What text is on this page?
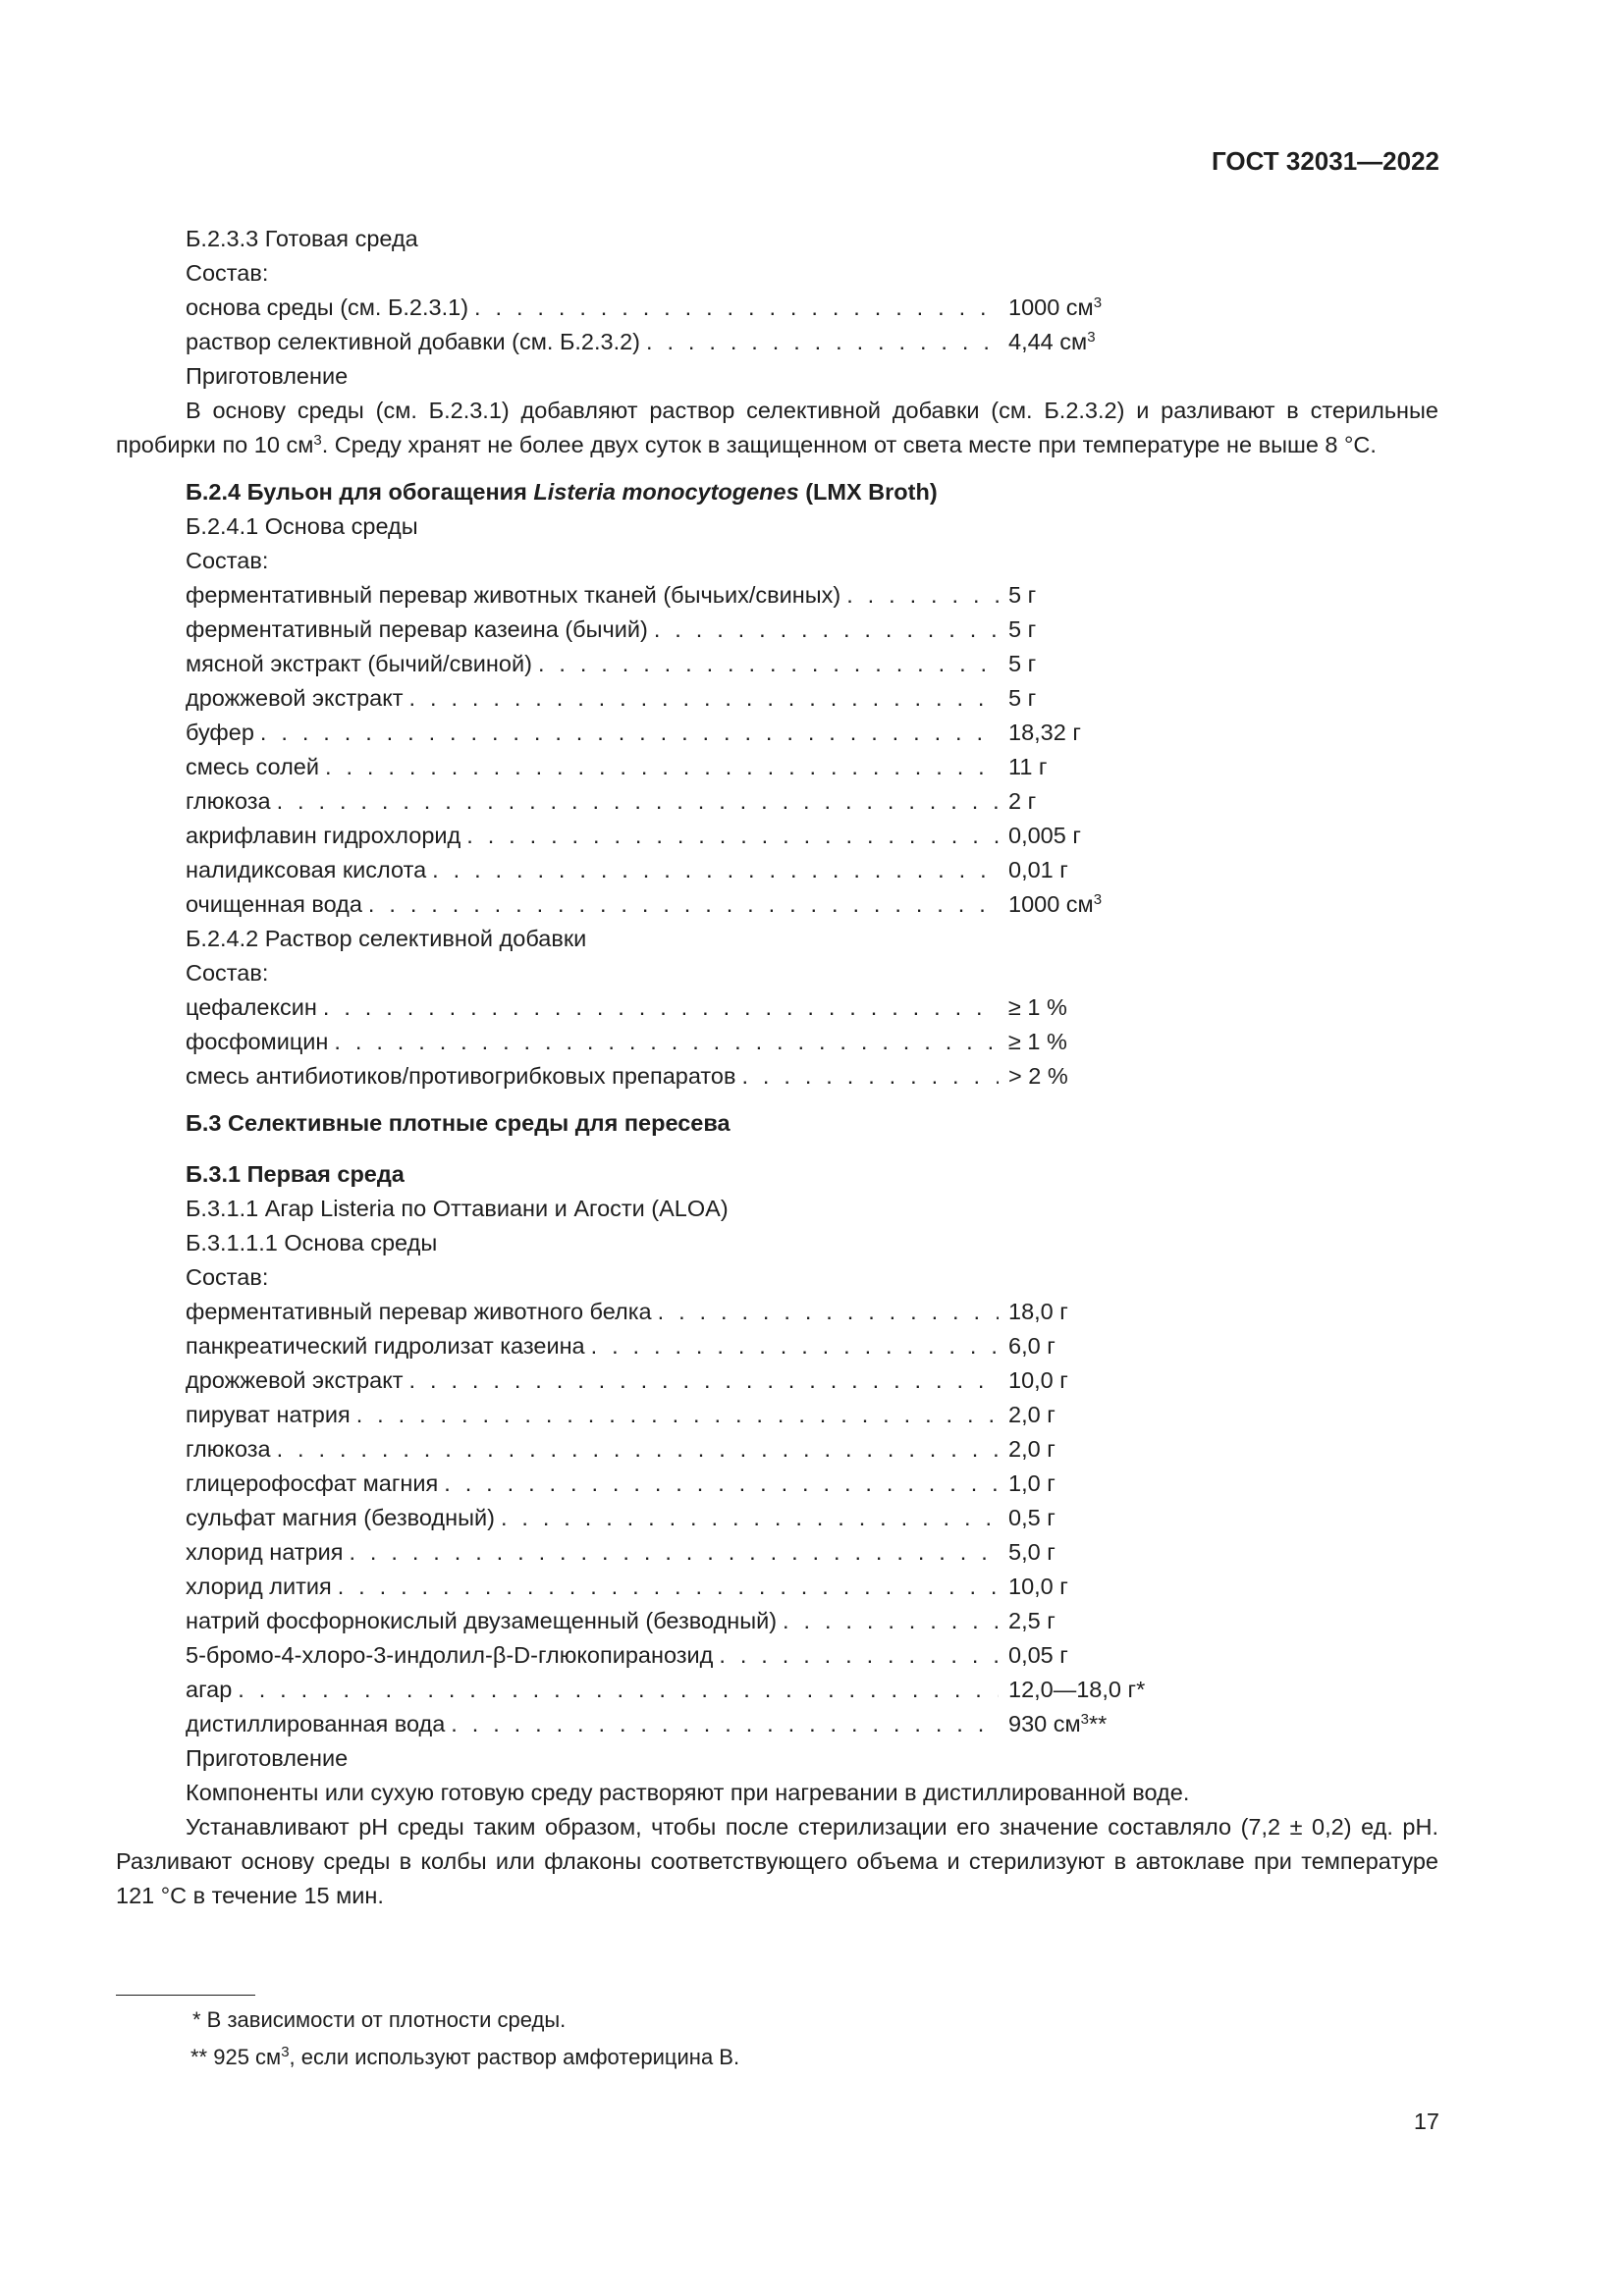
ГОСТ 32031—2022
Б.2.3.3 Готовая среда
Состав:
основа среды (см. Б.2.3.1) . . .	1000 $см^3$
раствор селективной добавки (см. Б.2.3.2) . . .	4,44 $см^3$
Приготовление
В основу среды (см. Б.2.3.1) добавляют раствор селективной добавки (см. Б.2.3.2) и разливают в стерильные пробирки по 10 $см^3$. Среду хранят не более двух суток в защищенном от света месте при температуре не выше 8 °C.
Б.2.4 Бульон для обогащения Listeria monocytogenes (LMX Broth)
Б.2.4.1 Основа среды
Состав:
ферментативный перевар животных тканей (бычьих/свиных) . . .	5 г
ферментативный перевар казеина (бычий) . . .	5 г
мясной экстракт (бычий/свиной) . . .	5 г
дрожжевой экстракт . . .	5 г
буфер . . .	18,32 г
смесь солей . . .	11 г
глюкоза . . .	2 г
акрифлавин гидрохлорид . . .	0,005 г
налидиксовая кислота . . .	0,01 г
очищенная вода . . .	1000 $см^3$
Б.2.4.2 Раствор селективной добавки
Состав:
цефалексин . . .	≥ 1 %
фосфомицин . . .	≥ 1 %
смесь антибиотиков/противогрибковых препаратов . . .	> 2 %
Б.3 Селективные плотные среды для пересева
Б.3.1 Первая среда
Б.3.1.1 Агар Listeria по Оттавиани и Агости (ALOA)
Б.3.1.1.1 Основа среды
Состав:
ферментативный перевар животного белка . . .	18,0 г
панкреатический гидролизат казеина . . .	6,0 г
дрожжевой экстракт . . .	10,0 г
пируват натрия . . .	2,0 г
глюкоза . . .	2,0 г
глицерофосфат магния . . .	1,0 г
сульфат магния (безводный) . . .	0,5 г
хлорид натрия . . .	5,0 г
хлорид лития . . .	10,0 г
натрий фосфорнокислый двузамещенный (безводный) . . .	2,5 г
5-бромо-4-хлоро-3-индолил-β-D-глюкопиранозид . . .	0,05 г
агар . . .	12,0—18,0 г*
дистиллированная вода . . .	930 $см^3**$
Приготовление
Компоненты или сухую готовую среду растворяют при нагревании в дистиллированной воде.
Устанавливают pH среды таким образом, чтобы после стерилизации его значение составляло (7,2 ± 0,2) ед. pH. Разливают основу среды в колбы или флаконы соответствующего объема и стерилизуют в автоклаве при температуре 121 °C в течение 15 мин.
* В зависимости от плотности среды.
** 925 $см^3$, если используют раствор амфотерицина В.
17
